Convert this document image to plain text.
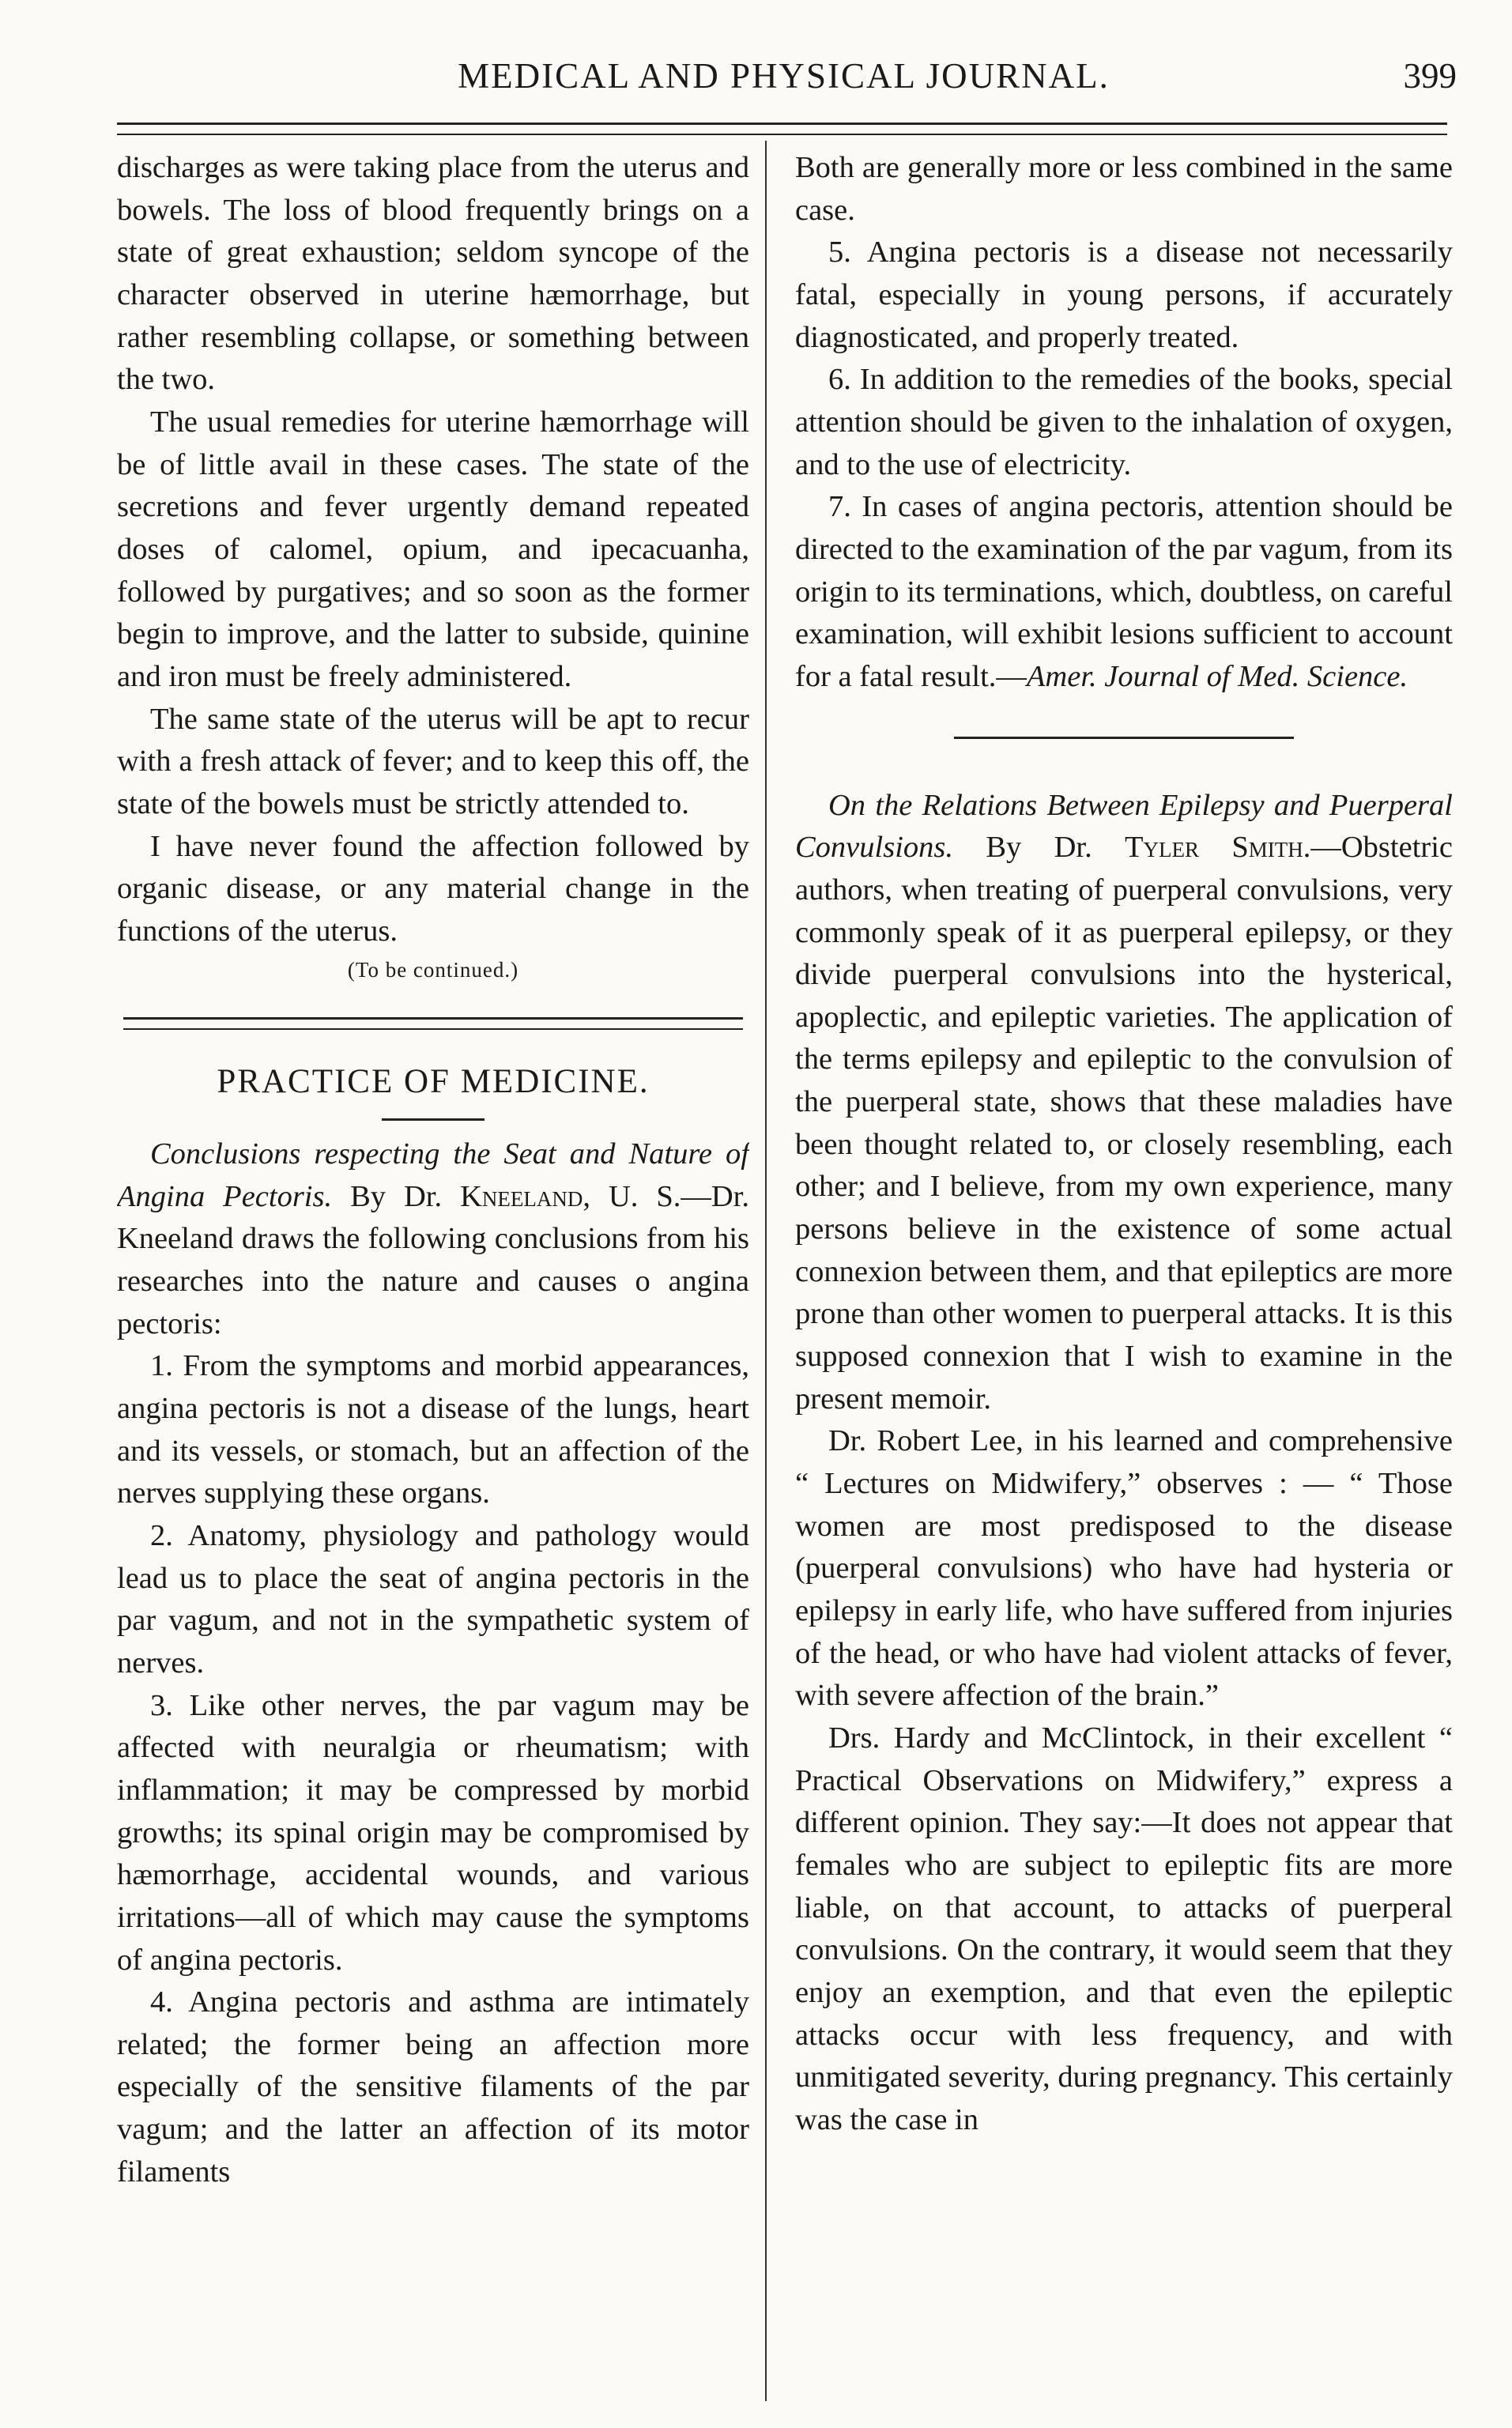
MEDICAL AND PHYSICAL JOURNAL.	399

discharges as were taking place from the uterus and bowels. The loss of blood frequently brings on a state of great exhaustion; seldom syncope of the character observed in uterine hæmorrhage, but rather resembling collapse, or something between the two.

The usual remedies for uterine hæmorrhage will be of little avail in these cases. The state of the secretions and fever urgently demand repeated doses of calomel, opium, and ipecacuanha, followed by purgatives; and so soon as the former begin to improve, and the latter to subside, quinine and iron must be freely administered.

The same state of the uterus will be apt to recur with a fresh attack of fever; and to keep this off, the state of the bowels must be strictly attended to.

I have never found the affection followed by organic disease, or any material change in the functions of the uterus.

(To be continued.)
PRACTICE OF MEDICINE.

Conclusions respecting the Seat and Nature of Angina Pectoris. By Dr. Kneeland, U. S.—Dr. Kneeland draws the following conclusions from his researches into the nature and causes o angina pectoris:

1. From the symptoms and morbid appearances, angina pectoris is not a disease of the lungs, heart and its vessels, or stomach, but an affection of the nerves supplying these organs.

2. Anatomy, physiology and pathology would lead us to place the seat of angina pectoris in the par vagum, and not in the sympathetic system of nerves.

3. Like other nerves, the par vagum may be affected with neuralgia or rheumatism; with inflammation; it may be compressed by morbid growths; its spinal origin may be compromised by hæmorrhage, accidental wounds, and various irritations—all of which may cause the symptoms of angina pectoris.

4. Angina pectoris and asthma are intimately related; the former being an affection more especially of the sensitive filaments of the par vagum; and the latter an affection of its motor filaments

Both are generally more or less combined in the same case.

5. Angina pectoris is a disease not necessarily fatal, especially in young persons, if accurately diagnosticated, and properly treated.

6. In addition to the remedies of the books, special attention should be given to the inhalation of oxygen, and to the use of electricity.

7. In cases of angina pectoris, attention should be directed to the examination of the par vagum, from its origin to its terminations, which, doubtless, on careful examination, will exhibit lesions sufficient to account for a fatal result.—Amer. Journal of Med. Science.

On the Relations Between Epilepsy and Puerperal Convulsions. By Dr. Tyler Smith.—Obstetric authors, when treating of puerperal convulsions, very commonly speak of it as puerperal epilepsy, or they divide puerperal convulsions into the hysterical, apoplectic, and epileptic varieties. The application of the terms epilepsy and epileptic to the convulsion of the puerperal state, shows that these maladies have been thought related to, or closely resembling, each other; and I believe, from my own experience, many persons believe in the existence of some actual connexion between them, and that epileptics are more prone than other women to puerperal attacks. It is this supposed connexion that I wish to examine in the present memoir.

Dr. Robert Lee, in his learned and comprehensive “ Lectures on Midwifery,” observes : — “ Those women are most predisposed to the disease (puerperal convulsions) who have had hysteria or epilepsy in early life, who have suffered from injuries of the head, or who have had violent attacks of fever, with severe affection of the brain.”

Drs. Hardy and McClintock, in their excellent “ Practical Observations on Midwifery,” express a different opinion. They say:—It does not appear that females who are subject to epileptic fits are more liable, on that account, to attacks of puerperal convulsions. On the contrary, it would seem that they enjoy an exemption, and that even the epileptic attacks occur with less frequency, and with unmitigated severity, during pregnancy. This certainly was the case in
